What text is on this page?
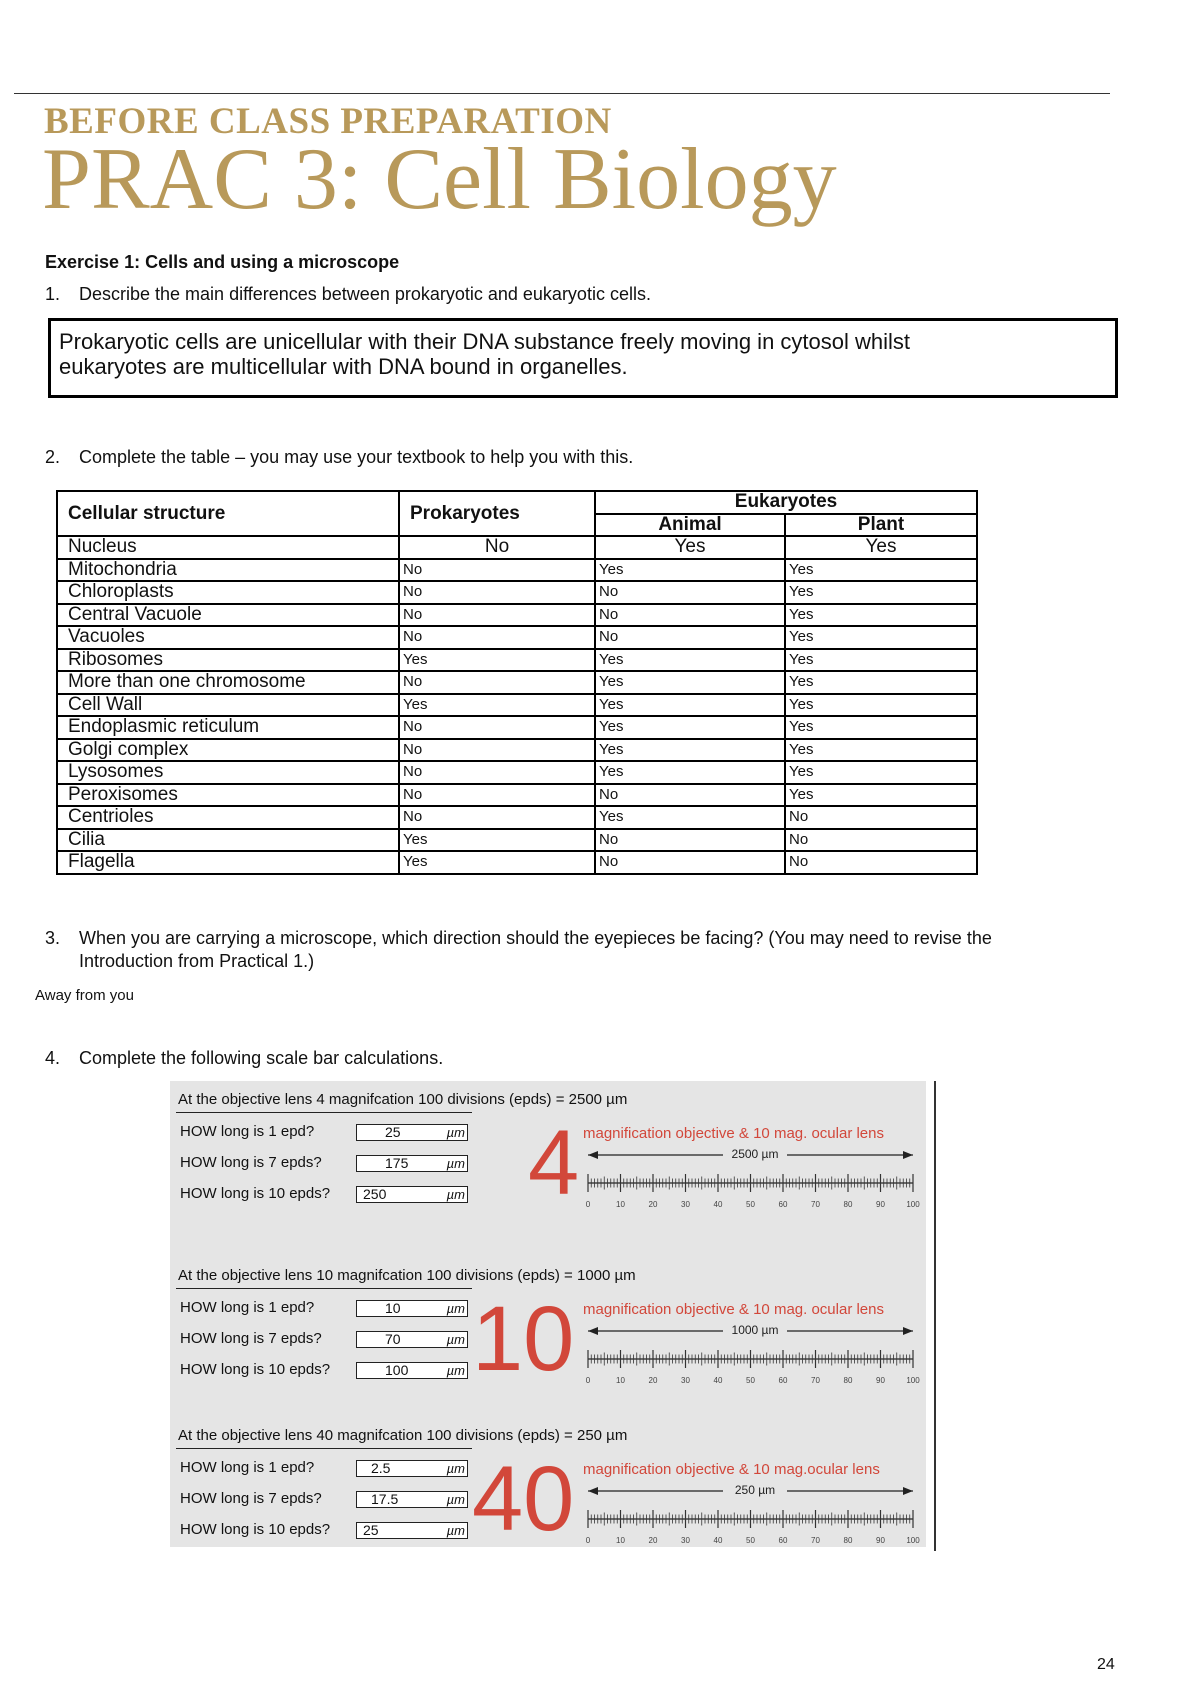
BEFORE CLASS PREPARATION
PRAC 3: Cell Biology
Exercise 1: Cells and using a microscope
1. Describe the main differences between prokaryotic and eukaryotic cells.
Prokaryotic cells are unicellular with their DNA substance freely moving in cytosol whilst
eukaryotes are multicellular with DNA bound in organelles.
2. Complete the table – you may use your textbook to help you with this.
Cellular structure	Prokaryotes	Eukaryotes	
		Animal	Plant
Nucleus	No	Yes	Yes
Mitochondria	No	Yes	Yes
Chloroplasts	No	No	Yes
Central Vacuole	No	No	Yes
Vacuoles	No	No	Yes
Ribosomes	Yes	Yes	Yes
More than one chromosome	No	Yes	Yes
Cell Wall	Yes	Yes	Yes
Endoplasmic reticulum	No	Yes	Yes
Golgi complex	No	Yes	Yes
Lysosomes	No	Yes	Yes
Peroxisomes	No	No	Yes
Centrioles	No	Yes	No
Cilia	Yes	No	No
Flagella	Yes	No	No
3. When you are carrying a microscope, which direction should the eyepieces be facing? (You may need to revise the
Introduction from Practical 1.)
Away from you
4. Complete the following scale bar calculations.
At the objective lens 4 magnifcation 100 divisions (epds) = 2500 µm
HOW long is 1 epd?	25	µm
HOW long is 7 epds?	175	µm
HOW long is 10 epds? 250	µm 4 magnification objective & 10 mag. ocular lens
2500 µm
0	10	20	30	40	50	60	70	80	90	100
At the objective lens 10 magnifcation 100 divisions (epds) = 1000 µm
HOW long is 1 epd?	10	µm
HOW long is 7 epds?	70	µm
HOW long is 10 epds?	100	µm 10 magnification objective & 10 mag. ocular lens
1000 µm
0	10	20	30	40	50	60	70	80	90	100
At the objective lens 40 magnifcation 100 divisions (epds) = 250 µm
HOW long is 1 epd?	2.5	µm
HOW long is 7 epds?	17.5	µm
HOW long is 10 epds? 25	µm 40 magnification objective & 10 mag.ocular lens
250 µm
0	10	20	30	40	50	60	70	80	90	100
24
